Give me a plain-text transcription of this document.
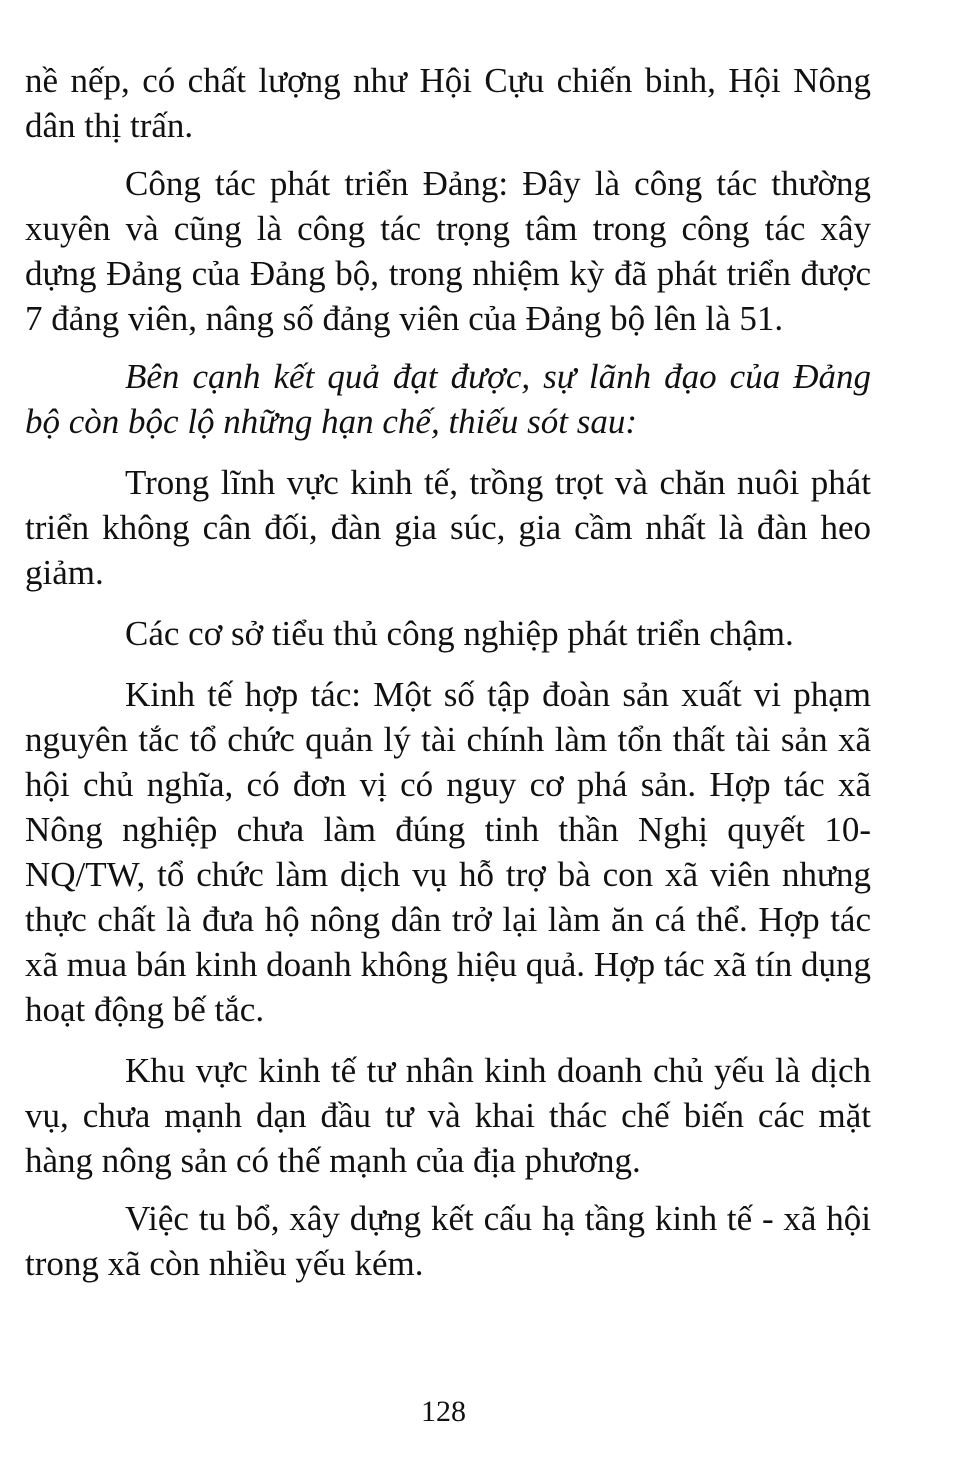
nề nếp, có chất lượng như Hội Cựu chiến binh, Hội Nông dân thị trấn.

Công tác phát triển Đảng: Đây là công tác thường xuyên và cũng là công tác trọng tâm trong công tác xây dựng Đảng của Đảng bộ, trong nhiệm kỳ đã phát triển được 7 đảng viên, nâng số đảng viên của Đảng bộ lên là 51.

Bên cạnh kết quả đạt được, sự lãnh đạo của Đảng bộ còn bộc lộ những hạn chế, thiếu sót sau:

Trong lĩnh vực kinh tế, trồng trọt và chăn nuôi phát triển không cân đối, đàn gia súc, gia cầm nhất là đàn heo giảm.

Các cơ sở tiểu thủ công nghiệp phát triển chậm.

Kinh tế hợp tác: Một số tập đoàn sản xuất vi phạm nguyên tắc tổ chức quản lý tài chính làm tổn thất tài sản xã hội chủ nghĩa, có đơn vị có nguy cơ phá sản. Hợp tác xã Nông nghiệp chưa làm đúng tinh thần Nghị quyết 10-NQ/TW, tổ chức làm dịch vụ hỗ trợ bà con xã viên nhưng thực chất là đưa hộ nông dân trở lại làm ăn cá thể. Hợp tác xã mua bán kinh doanh không hiệu quả. Hợp tác xã tín dụng hoạt động bế tắc.

Khu vực kinh tế tư nhân kinh doanh chủ yếu là dịch vụ, chưa mạnh dạn đầu tư và khai thác chế biến các mặt hàng nông sản có thế mạnh của địa phương.

Việc tu bổ, xây dựng kết cấu hạ tầng kinh tế - xã hội trong xã còn nhiều yếu kém.

128
